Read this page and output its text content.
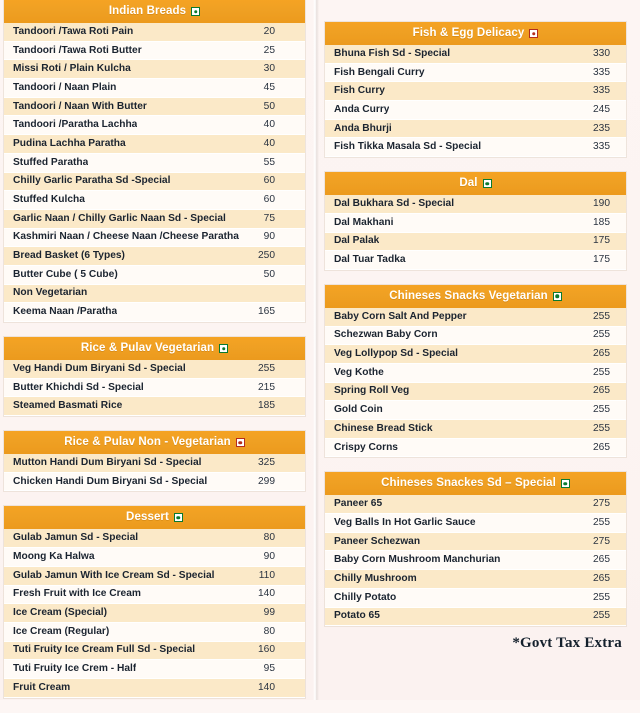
Indian Breads
Tandoori /Tawa Roti Pain	20
Tandoori /Tawa Roti Butter	25
Missi Roti / Plain Kulcha	30
Tandoori / Naan Plain	45
Tandoori / Naan With Butter	50
Tandoori /Paratha Lachha	40
Pudina Lachha Paratha	40
Stuffed Paratha	55
Chilly Garlic Paratha Sd -Special	60
Stuffed Kulcha	60
Garlic Naan / Chilly Garlic Naan Sd - Special	75
Kashmiri Naan / Cheese Naan /Cheese Paratha	90
Bread Basket (6 Types)	250
Butter Cube ( 5 Cube)	50
Non Vegetarian
Keema Naan /Paratha	165
Rice & Pulav Vegetarian
Veg Handi Dum Biryani Sd - Special	255
Butter Khichdi Sd - Special	215
Steamed Basmati Rice	185
Rice & Pulav Non - Vegetarian
Mutton Handi Dum Biryani Sd - Special	325
Chicken Handi Dum Biryani Sd - Special	299
Dessert
Gulab Jamun Sd - Special	80
Moong Ka Halwa	90
Gulab Jamun With Ice Cream Sd - Special	110
Fresh Fruit with Ice Cream	140
Ice Cream (Special)	99
Ice Cream (Regular)	80
Tuti Fruity Ice Cream Full Sd - Special	160
Tuti Fruity Ice Crem - Half	95
Fruit Cream	140
Fish & Egg Delicacy
Bhuna Fish Sd - Special	330
Fish Bengali Curry	335
Fish Curry	335
Anda Curry	245
Anda Bhurji	235
Fish Tikka Masala Sd - Special	335
Dal
Dal Bukhara Sd - Special	190
Dal Makhani	185
Dal Palak	175
Dal Tuar Tadka	175
Chineses Snacks Vegetarian
Baby Corn Salt And Pepper	255
Schezwan Baby Corn	255
Veg Lollypop Sd - Special	265
Veg Kothe	255
Spring Roll Veg	265
Gold Coin	255
Chinese Bread Stick	255
Crispy Corns	265
Chineses Snackes Sd – Special
Paneer 65	275
Veg Balls In Hot Garlic Sauce	255
Paneer Schezwan	275
Baby Corn Mushroom Manchurian	265
Chilly Mushroom	265
Chilly Potato	255
Potato 65	255
*Govt Tax Extra
